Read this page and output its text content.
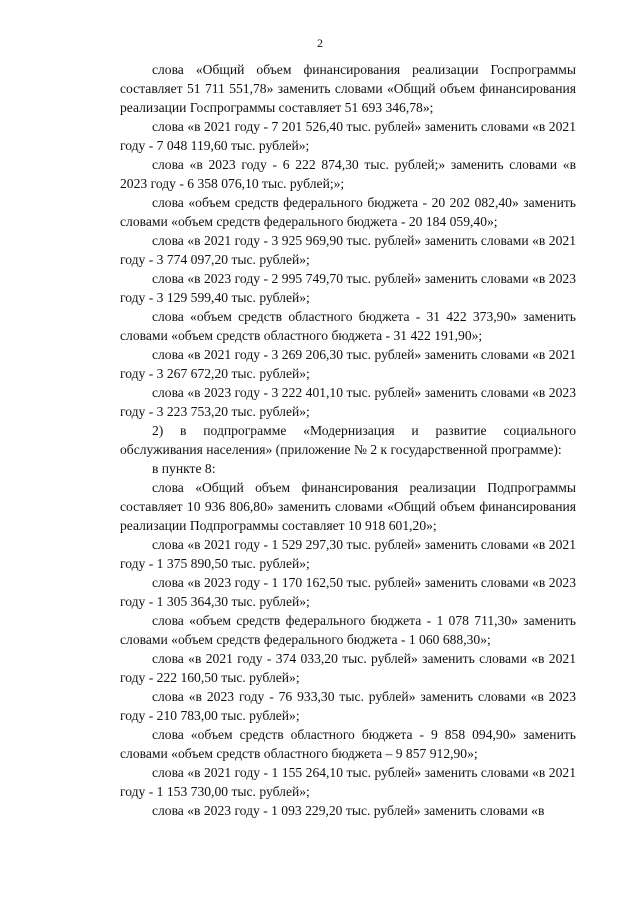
2

слова «Общий объем финансирования реализации Госпрограммы составляет 51 711 551,78» заменить словами «Общий объем финансирования реализации Госпрограммы составляет 51 693 346,78»;

слова «в 2021 году - 7 201 526,40 тыс. рублей» заменить словами «в 2021 году - 7 048 119,60 тыс. рублей»;

слова «в 2023 году - 6 222 874,30 тыс. рублей;» заменить словами «в 2023 году - 6 358 076,10 тыс. рублей;»;

слова «объем средств федерального бюджета - 20 202 082,40» заменить словами «объем средств федерального бюджета - 20 184 059,40»;

слова «в 2021 году - 3 925 969,90 тыс. рублей» заменить словами «в 2021 году - 3 774 097,20 тыс. рублей»;

слова «в 2023 году - 2 995 749,70 тыс. рублей» заменить словами «в 2023 году - 3 129 599,40 тыс. рублей»;

слова «объем средств областного бюджета - 31 422 373,90» заменить словами «объем средств областного бюджета - 31 422 191,90»;

слова «в 2021 году - 3 269 206,30 тыс. рублей» заменить словами «в 2021 году - 3 267 672,20 тыс. рублей»;

слова «в 2023 году - 3 222 401,10 тыс. рублей» заменить словами «в 2023 году - 3 223 753,20 тыс. рублей»;

2) в подпрограмме «Модернизация и развитие социального обслуживания населения» (приложение № 2 к государственной программе):

в пункте 8:

слова «Общий объем финансирования реализации Подпрограммы составляет 10 936 806,80» заменить словами «Общий объем финансирования реализации Подпрограммы составляет 10 918 601,20»;

слова «в 2021 году - 1 529 297,30 тыс. рублей» заменить словами «в 2021 году - 1 375 890,50 тыс. рублей»;

слова «в 2023 году - 1 170 162,50 тыс. рублей» заменить словами «в 2023 году - 1 305 364,30 тыс. рублей»;

слова «объем средств федерального бюджета - 1 078 711,30» заменить словами «объем средств федерального бюджета - 1 060 688,30»;

слова «в 2021 году - 374 033,20 тыс. рублей» заменить словами «в 2021 году - 222 160,50 тыс. рублей»;

слова «в 2023 году - 76 933,30 тыс. рублей» заменить словами «в 2023 году - 210 783,00 тыс. рублей»;

слова «объем средств областного бюджета - 9 858 094,90» заменить словами «объем средств областного бюджета – 9 857 912,90»;

слова «в 2021 году - 1 155 264,10 тыс. рублей» заменить словами «в 2021 году - 1 153 730,00 тыс. рублей»;

слова «в 2023 году - 1 093 229,20 тыс. рублей» заменить словами «в
